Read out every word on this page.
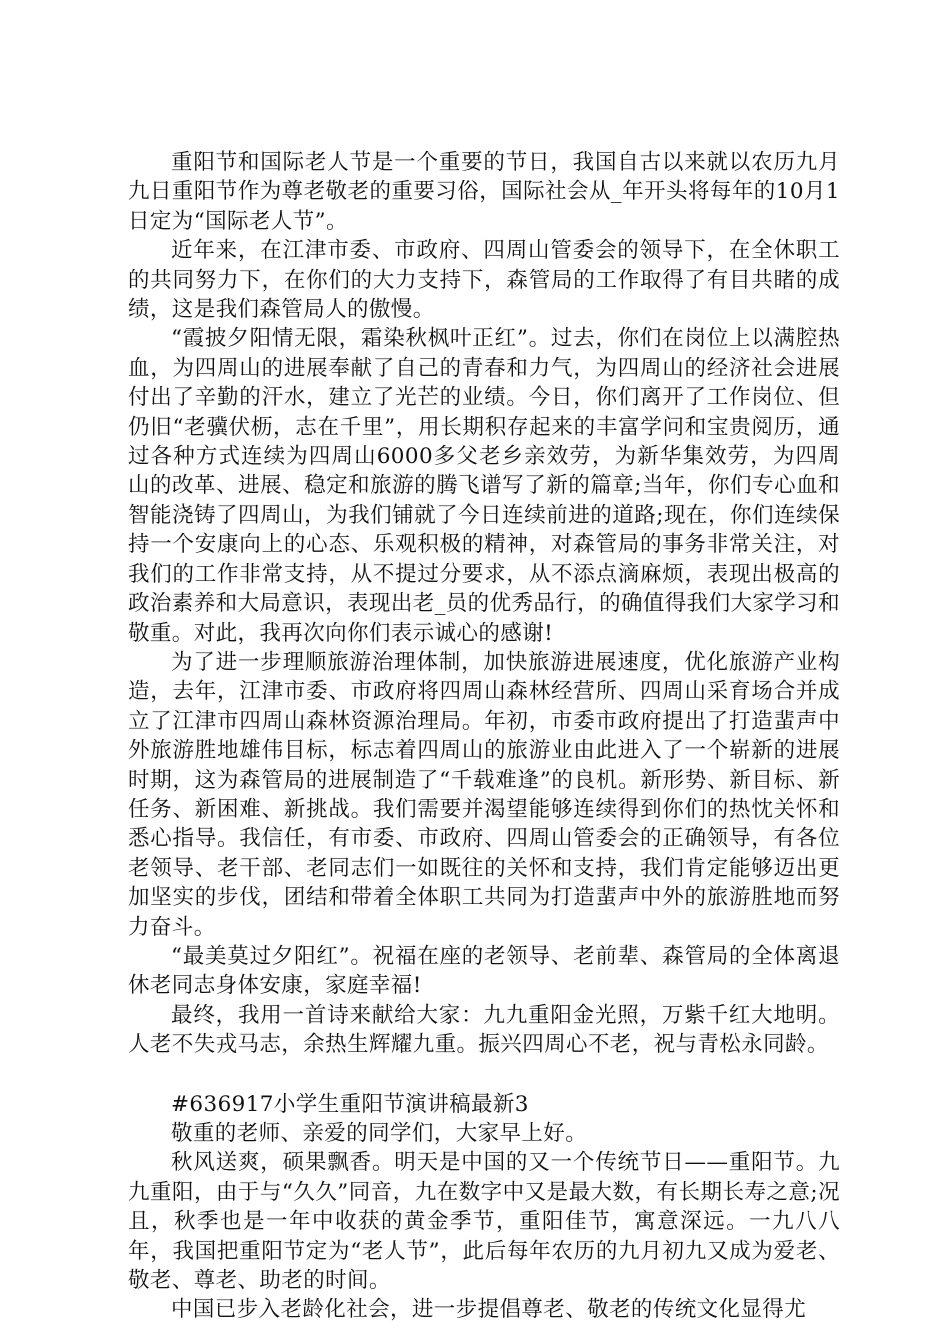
重阳节和国际老人节是一个重要的节日，我国自古以来就以农历九月九日重阳节作为尊老敬老的重要习俗，国际社会从_年开头将每年的10月1日定为“国际老人节”。

近年来，在江津市委、市政府、四周山管委会的领导下，在全休职工的共同努力下，在你们的大力支持下，森管局的工作取得了有目共睹的成绩，这是我们森管局人的傲慢。

“霞披夕阳情无限，霜染秋枫叶正红”。过去，你们在岗位上以满腔热血，为四周山的进展奉献了自己的青春和力气，为四周山的经济社会进展付出了辛勤的汗水，建立了光芒的业绩。今日，你们离开了工作岗位、但仍旧“老骥伏枥，志在千里”，用长期积存起来的丰富学问和宝贵阅历，通过各种方式连续为四周山6000多父老乡亲效劳，为新华集效劳，为四周山的改革、进展、稳定和旅游的腾飞谱写了新的篇章;当年，你们专心血和智能浇铸了四周山，为我们铺就了今日连续前进的道路;现在，你们连续保持一个安康向上的心态、乐观积极的精神，对森管局的事务非常关注，对我们的工作非常支持，从不提过分要求，从不添点滴麻烦，表现出极高的政治素养和大局意识，表现出老_员的优秀品行，的确值得我们大家学习和敬重。对此，我再次向你们表示诚心的感谢!

为了进一步理顺旅游治理体制，加快旅游进展速度，优化旅游产业构造，去年，江津市委、市政府将四周山森林经营所、四周山采育场合并成立了江津市四周山森林资源治理局。年初，市委市政府提出了打造蜚声中外旅游胜地雄伟目标，标志着四周山的旅游业由此进入了一个崭新的进展时期，这为森管局的进展制造了“千载难逢”的良机。新形势、新目标、新任务、新困难、新挑战。我们需要并渴望能够连续得到你们的热忱关怀和悉心指导。我信任，有市委、市政府、四周山管委会的正确领导，有各位老领导、老干部、老同志们一如既往的关怀和支持，我们肯定能够迈出更加坚实的步伐，团结和带着全体职工共同为打造蜚声中外的旅游胜地而努力奋斗。

“最美莫过夕阳红”。祝福在座的老领导、老前辈、森管局的全体离退休老同志身体安康，家庭幸福!

最终，我用一首诗来献给大家：九九重阳金光照，万紫千红大地明。人老不失戎马志，余热生辉耀九重。振兴四周心不老，祝与青松永同龄。

#636917小学生重阳节演讲稿最新3

敬重的老师、亲爱的同学们，大家早上好。

秋风送爽，硕果飘香。明天是中国的又一个传统节日——重阳节。九九重阳，由于与“久久”同音，九在数字中又是最大数，有长期长寿之意;况且，秋季也是一年中收获的黄金季节，重阳佳节，寓意深远。一九八八年，我国把重阳节定为“老人节”，此后每年农历的九月初九又成为爱老、敬老、尊老、助老的时间。

中国已步入老龄化社会，进一步提倡尊老、敬老的传统文化显得尤
